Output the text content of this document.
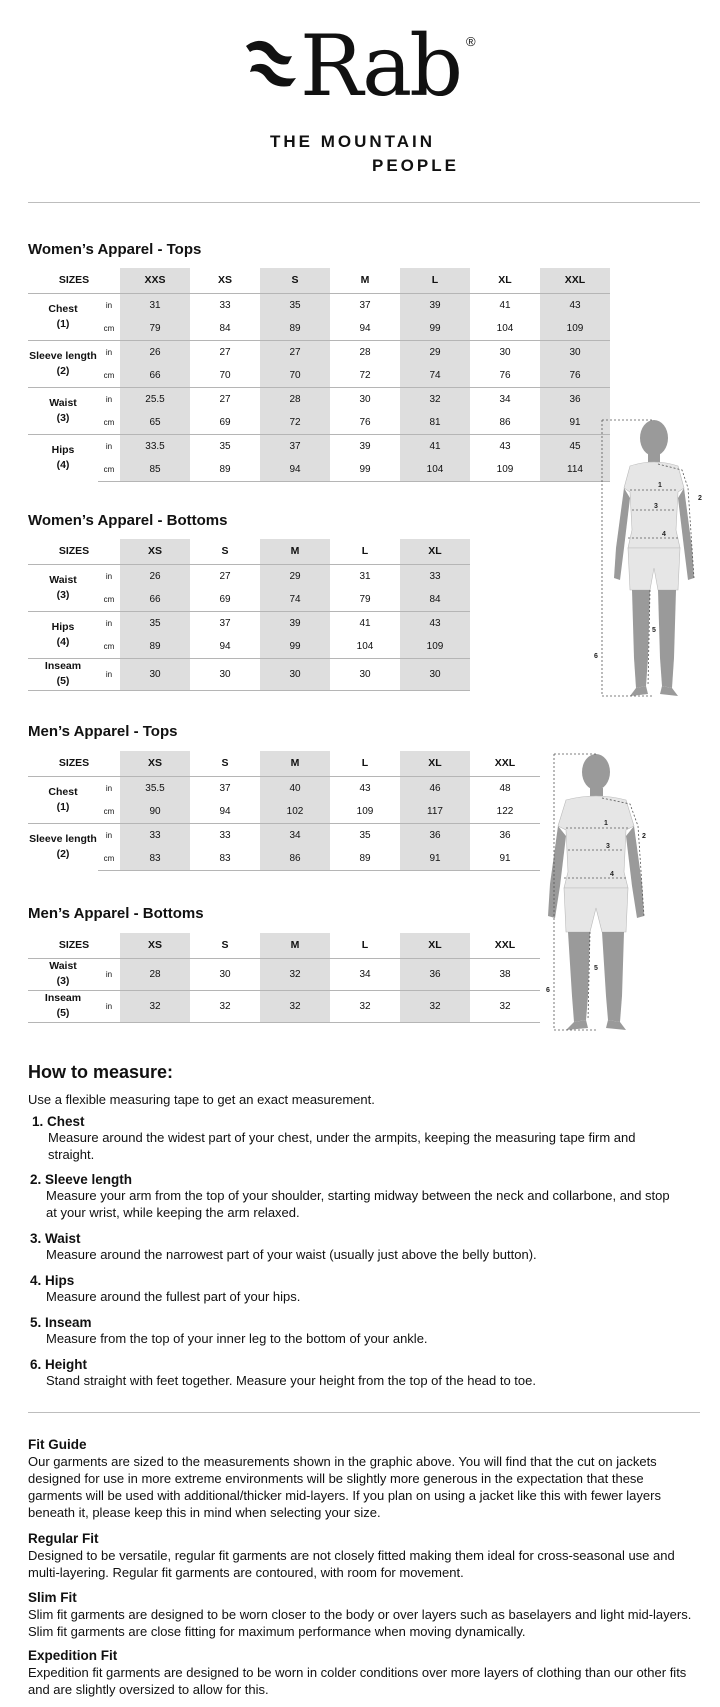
Rab ®
THE MOUNTAIN
PEOPLE
Women’s Apparel - Tops
Women’s Apparel - Bottoms
Men’s Apparel - Tops
Men’s Apparel - Bottoms
SIZES		XXS	XS	S	M	L	XL	XXL
Chest
(1)	in	31	33	35	37	39	41	43
	cm	79	84	89	94	99	104	109
Sleeve length
(2)	in	26	27	27	28	29	30	30
	cm	66	70	70	72	74	76	76
Waist
(3)	in	25.5	27	28	30	32	34	36
	cm	65	69	72	76	81	86	91
Hips
(4)	in	33.5	35	37	39	41	43	45
	cm	85	89	94	99	104	109	114
SIZES		XS	S	M	L	XL
Waist
(3)	in	26	27	29	31	33
	cm	66	69	74	79	84
Hips
(4)	in	35	37	39	41	43
	cm	89	94	99	104	109
Inseam
(5)	in	30	30	30	30	30
SIZES		XS	S	M	L	XL	XXL
Chest
(1)	in	35.5	37	40	43	46	48
	cm	90	94	102	109	117	122
Sleeve length
(2)	in	33	33	34	35	36	36
	cm	83	83	86	89	91	91
SIZES		XS	S	M	L	XL	XXL
Waist
(3)	in	28	30	32	34	36	38
Inseam
(5)	in	32	32	32	32	32	32
1
2
3
4
5
6
1
2
3
4
5
6
How to measure:
Use a flexible measuring tape to get an exact measurement.
1. Chest
Measure around the widest part of your chest, under the armpits, keeping the measuring tape firm and straight.
2. Sleeve length
Measure your arm from the top of your shoulder, starting midway between the neck and collarbone, and stop at your wrist, while keeping the arm relaxed.
3. Waist
Measure around the narrowest part of your waist (usually just above the belly button).
4. Hips
Measure around the fullest part of your hips.
5. Inseam
Measure from the top of your inner leg to the bottom of your ankle.
6. Height
Stand straight with feet together. Measure your height from the top of the head to toe.
Fit Guide
Our garments are sized to the measurements shown in the graphic above. You will find that the cut on jackets designed for use in more extreme environments will be slightly more generous in the expectation that these garments will be used with additional/thicker mid-layers. If you plan on using a jacket like this with fewer layers beneath it, please keep this in mind when selecting your size.
Regular Fit
Designed to be versatile, regular fit garments are not closely fitted making them ideal for cross-seasonal use and multi-layering. Regular fit garments are contoured, with room for movement.
Slim Fit
Slim fit garments are designed to be worn closer to the body or over layers such as baselayers and light mid-layers. Slim fit garments are close fitting for maximum performance when moving dynamically.
Expedition Fit
Expedition fit garments are designed to be worn in colder conditions over more layers of clothing than our other fits and are slightly oversized to allow for this.
